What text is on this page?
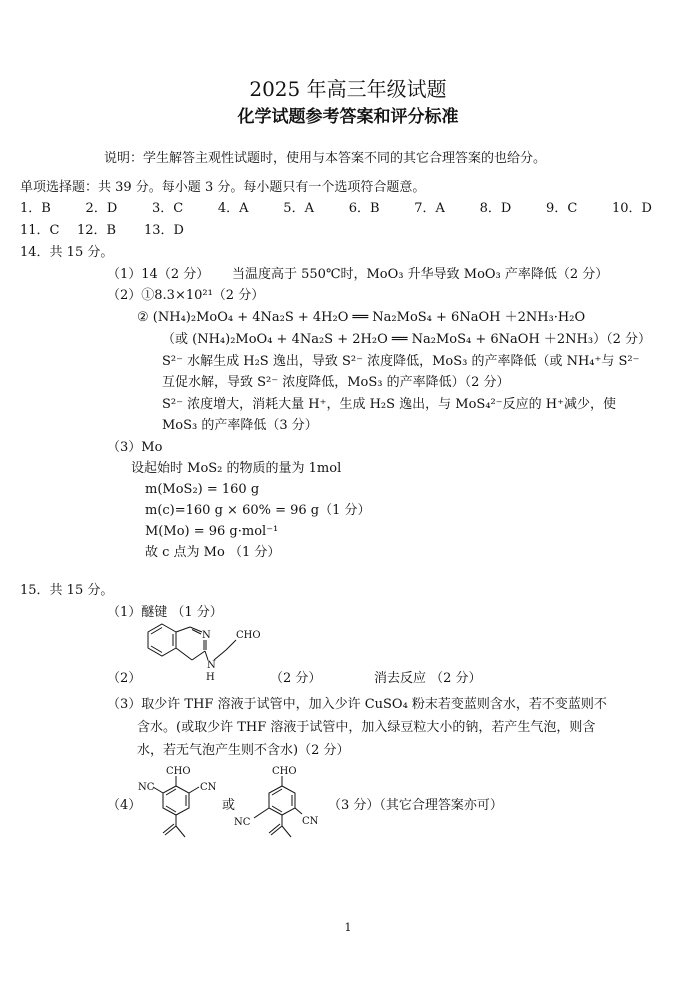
2025 年高三年级试题
化学试题参考答案和评分标准
说明：学生解答主观性试题时，使用与本答案不同的其它合理答案的也给分。
单项选择题：共 39 分。每小题 3 分。每小题只有一个选项符合题意。
1．B	2．D	3．C	4．A	5．A	6．B	7．A	8．D	9．C	10．D
11．C 12．B 13．D
14．共 15 分。
（1）14（2 分） 当温度高于 550℃时，MoO₃ 升华导致 MoO₃ 产率降低（2 分）
（2）①8.3×10²¹（2 分）
② (NH₄)₂MoO₄ + 4Na₂S + 4H₂O ══ Na₂MoS₄ + 6NaOH ＋2NH₃·H₂O
（或 (NH₄)₂MoO₄ + 4Na₂S + 2H₂O ══ Na₂MoS₄ + 6NaOH ＋2NH₃）（2 分）
S²⁻ 水解生成 H₂S 逸出，导致 S²⁻ 浓度降低，MoS₃ 的产率降低（或 NH₄⁺与 S²⁻
互促水解，导致 S²⁻ 浓度降低，MoS₃ 的产率降低）（2 分）
S²⁻ 浓度增大，消耗大量 H⁺，生成 H₂S 逸出，与 MoS₄²⁻反应的 H⁺减少，使
MoS₃ 的产率降低（3 分）
（3）Mo
设起始时 MoS₂ 的物质的量为 1mol
m(MoS₂) = 160 g
m(c)=160 g × 60% = 96 g（1 分）
M(Mo) = 96 g·mol⁻¹
故 c 点为 Mo （1 分）
15．共 15 分。
（1）醚键 （1 分）
N
N
H
CHO
（2）	（2 分）	消去反应 （2 分）
（3）取少许 THF 溶液于试管中，加入少许 CuSO₄ 粉末若变蓝则含水，若不变蓝则不
含水。(或取少许 THF 溶液于试管中，加入绿豆粒大小的钠，若产生气泡，则含
水，若无气泡产生则不含水)（2 分）
（4）
CHO
NC	CN
或
CHO
NC	CN
（3 分）（其它合理答案亦可）
1
